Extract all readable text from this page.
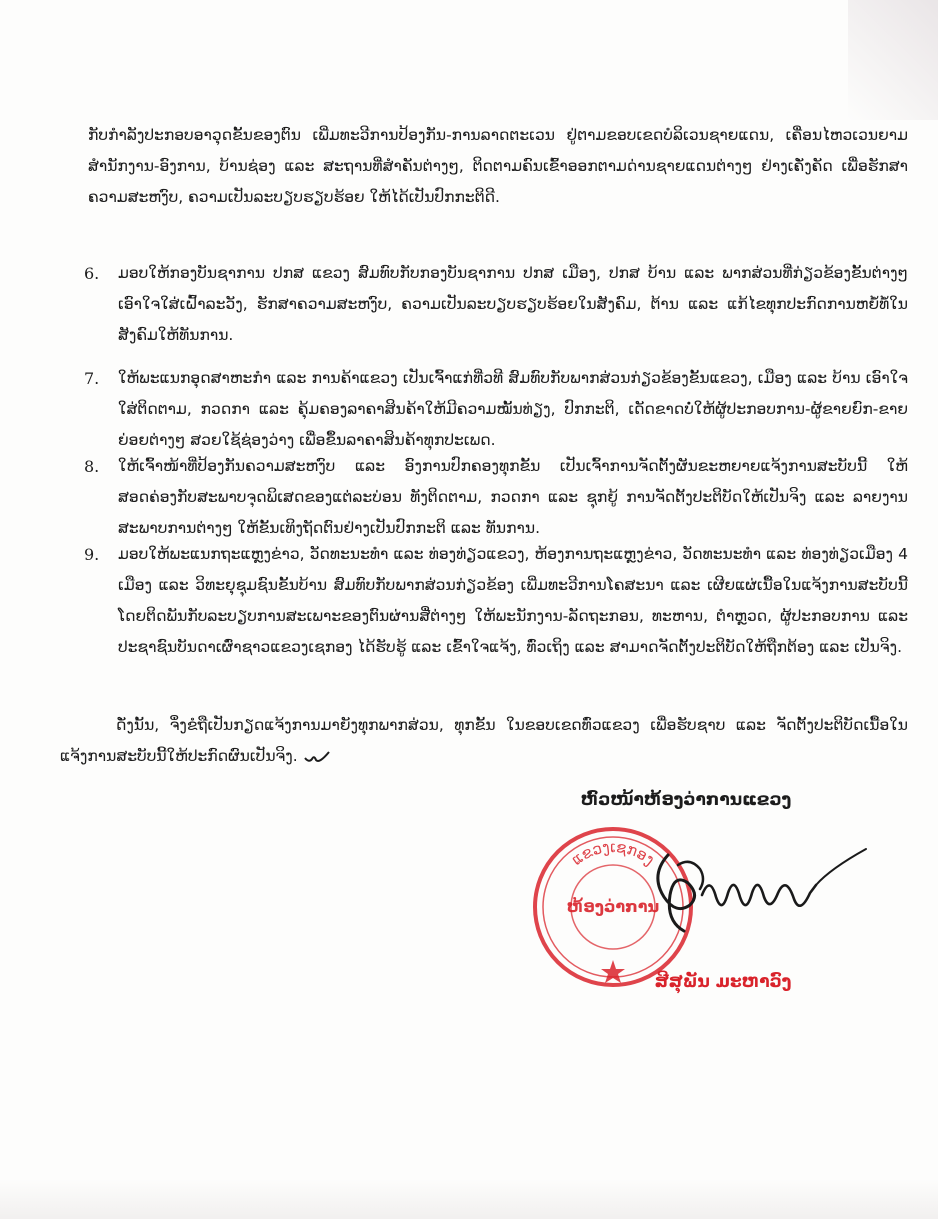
ກັບກຳລັງປະກອບອາວຸດຂັ້ນຂອງຕົນ ເພີ່ມທະວີການປ້ອງກັນ-ການລາດຕະເວນ ຢູ່ຕາມຂອບເຂດບໍລິເວນຊາຍແດນ, ເຄື່ອນໄຫວເວນຍາມສຳນັກງານ-ອົງການ, ບ້ານຊ່ອງ ແລະ ສະຖານທີ່ສຳຄັນຕ່າງໆ, ຕິດຕາມຄົນເຂົ້າອອກຕາມດ່ານຊາຍແດນຕ່າງໆ ຢ່າງເຄັ່ງຄັດ ເພື່ອຮັກສາຄວາມສະຫງົບ, ຄວາມເປັນລະບຽບຮຽບຮ້ອຍ ໃຫ້ໄດ້ເປັນປົກກະຕິດີ.
6. ມອບໃຫ້ກອງບັນຊາການ ປກສ ແຂວງ ສົມທົບກັບກອງບັນຊາການ ປກສ ເມືອງ, ປກສ ບ້ານ ແລະ ພາກສ່ວນທີ່ກ່ຽວຂ້ອງຂັ້ນຕ່າງໆ ເອົາໃຈໃສ່ເຝົ້າລະວັງ, ຮັກສາຄວາມສະຫງົບ, ຄວາມເປັນລະບຽບຮຽບຮ້ອຍໃນສັງຄົມ, ຕ້ານ ແລະ ແກ້ໄຂທຸກປະກົດການຫຍໍ້ທໍ້ໃນສັງຄົມໃຫ້ທັນການ.
7. ໃຫ້ພະແນກອຸດສາຫະກຳ ແລະ ການຄ້າແຂວງ ເປັນເຈົ້າແກ່ທີ່ວທີ ສົມທົບກັບພາກສ່ວນກ່ຽວຂ້ອງຂັ້ນແຂວງ, ເມືອງ ແລະ ບ້ານ ເອົາໃຈໃສ່ຕິດຕາມ, ກວດກາ ແລະ ຄຸ້ມຄອງລາຄາສິນຄ້າໃຫ້ມີຄວາມໝັ້ນທ່ຽງ, ປົກກະຕິ, ເດັດຂາດບໍ່ໃຫ້ຜູ້ປະກອບການ-ຜູ້ຂາຍຍົກ-ຂາຍຍ່ອຍຕ່າງໆ ສວຍໃຊ້ຊ່ອງວ່າງ ເພື່ອຂຶ້ນລາຄາສິນຄ້າທຸກປະເພດ.
8. ໃຫ້ເຈົ້າໜ້າທີ່ປ້ອງກັນຄວາມສະຫງົບ ແລະ ອົງການປົກຄອງທຸກຂັ້ນ ເປັນເຈົ້າການຈັດຕັ້ງຜັນຂະຫຍາຍແຈ້ງການສະບັບນີ້ ໃຫ້ສອດຄ່ອງກັບສະພາບຈຸດພິເສດຂອງແຕ່ລະບ່ອນ ທັງຕິດຕາມ, ກວດກາ ແລະ ຊຸກຍູ້ ການຈັດຕັ້ງປະຕິບັດໃຫ້ເປັນຈິງ ແລະ ລາຍງານສະພາບການຕ່າງໆ ໃຫ້ຂັ້ນເທິງຖັດຕົນຢ່າງເປັນປົກກະຕິ ແລະ ທັນການ.
9. ມອບໃຫ້ພະແນກຖະແຫຼງຂ່າວ, ວັດທະນະທຳ ແລະ ທ່ອງທ່ຽວແຂວງ, ຫ້ອງການຖະແຫຼງຂ່າວ, ວັດທະນະທຳ ແລະ ທ່ອງທ່ຽວເມືອງ 4 ເມືອງ ແລະ ວິທະຍຸຊຸມຊົນຂັ້ນບ້ານ ສົມທົບກັບພາກສ່ວນກ່ຽວຂ້ອງ ເພີ່ມທະວີການໂຄສະນາ ແລະ ເຜີຍແຜ່ເນື້ອໃນແຈ້ງການສະບັບນີ້ ໂດຍຕິດພັນກັບລະບຽບການສະເພາະຂອງຕົນຜ່ານສື່ຕ່າງໆ ໃຫ້ພະນັກງານ-ລັດຖະກອນ, ທະຫານ, ຕຳຫຼວດ, ຜູ້ປະກອບການ ແລະ ປະຊາຊົນບັນດາເຜົ່າຊາວແຂວງເຊກອງ ໄດ້ຮັບຮູ້ ແລະ ເຂົ້າໃຈແຈ້ງ, ທົ່ວເຖິງ ແລະ ສາມາດຈັດຕັ້ງປະຕິບັດໃຫ້ຖືກຕ້ອງ ແລະ ເປັນຈິງ.
ດັ່ງນັ້ນ, ຈຶ່ງຂໍຖືເປັນກຽດແຈ້ງການມາຍັງທຸກພາກສ່ວນ, ທຸກຂັ້ນ ໃນຂອບເຂດທົ່ວແຂວງ ເພື່ອຮັບຊາບ ແລະ ຈັດຕັ້ງປະຕິບັດເນື້ອໃນແຈ້ງການສະບັບນີ້ໃຫ້ປະກົດຜົນເປັນຈິງ.
ຫົວໜ້າຫ້ອງວ່າການແຂວງ
ແຂວງເຊກອງ
ຫ້ອງວ່າການ
ສີສຸພັນ ມະຫາວົງ
